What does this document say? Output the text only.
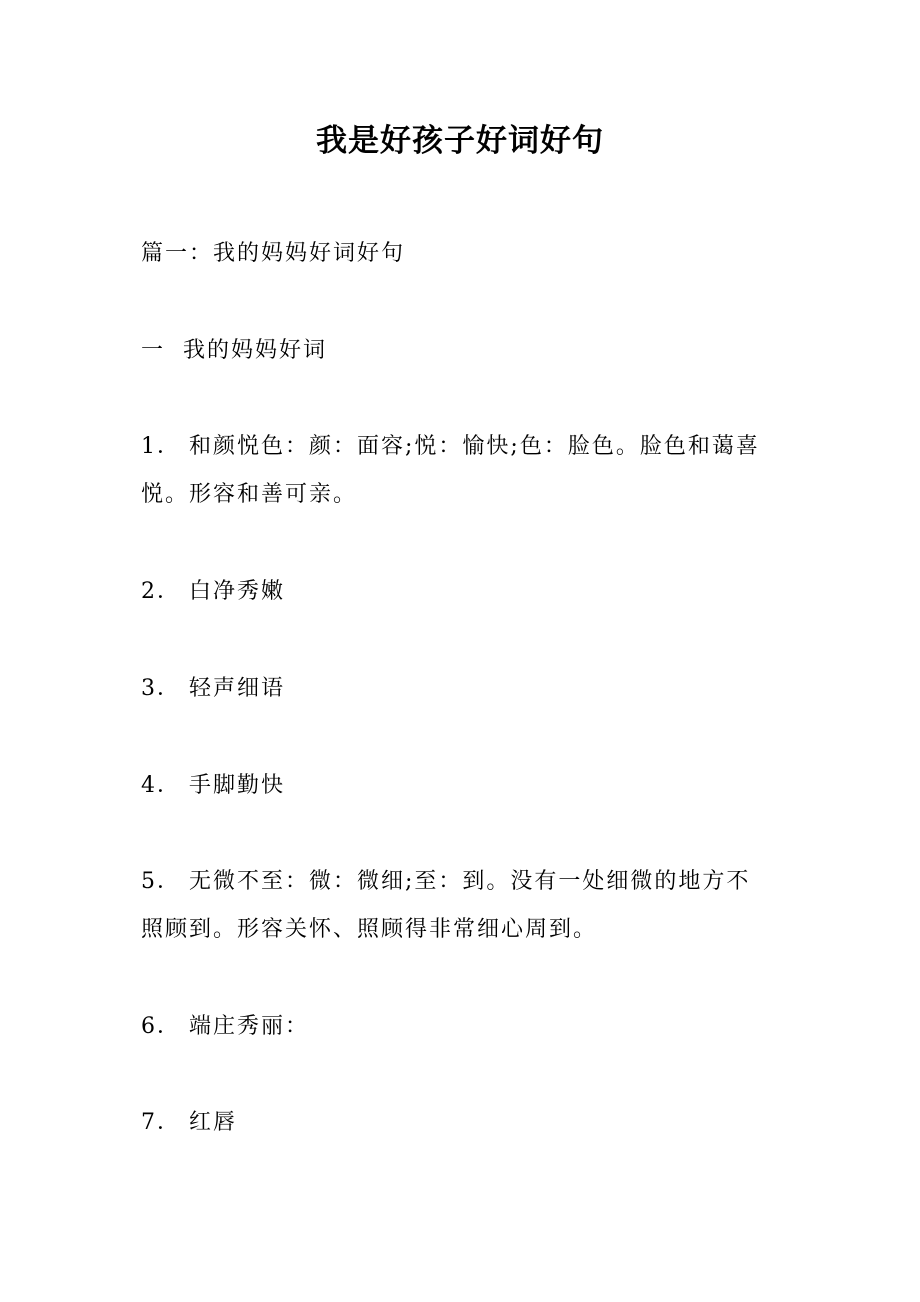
我是好孩子好词好句
篇一：我的妈妈好词好句
一  我的妈妈好词
1． 和颜悦色：颜：面容;悦：愉快;色：脸色。脸色和蔼喜
悦。形容和善可亲。
2． 白净秀嫩
3． 轻声细语
4． 手脚勤快
5． 无微不至：微：微细;至：到。没有一处细微的地方不
照顾到。形容关怀、照顾得非常细心周到。
6． 端庄秀丽：
7． 红唇
